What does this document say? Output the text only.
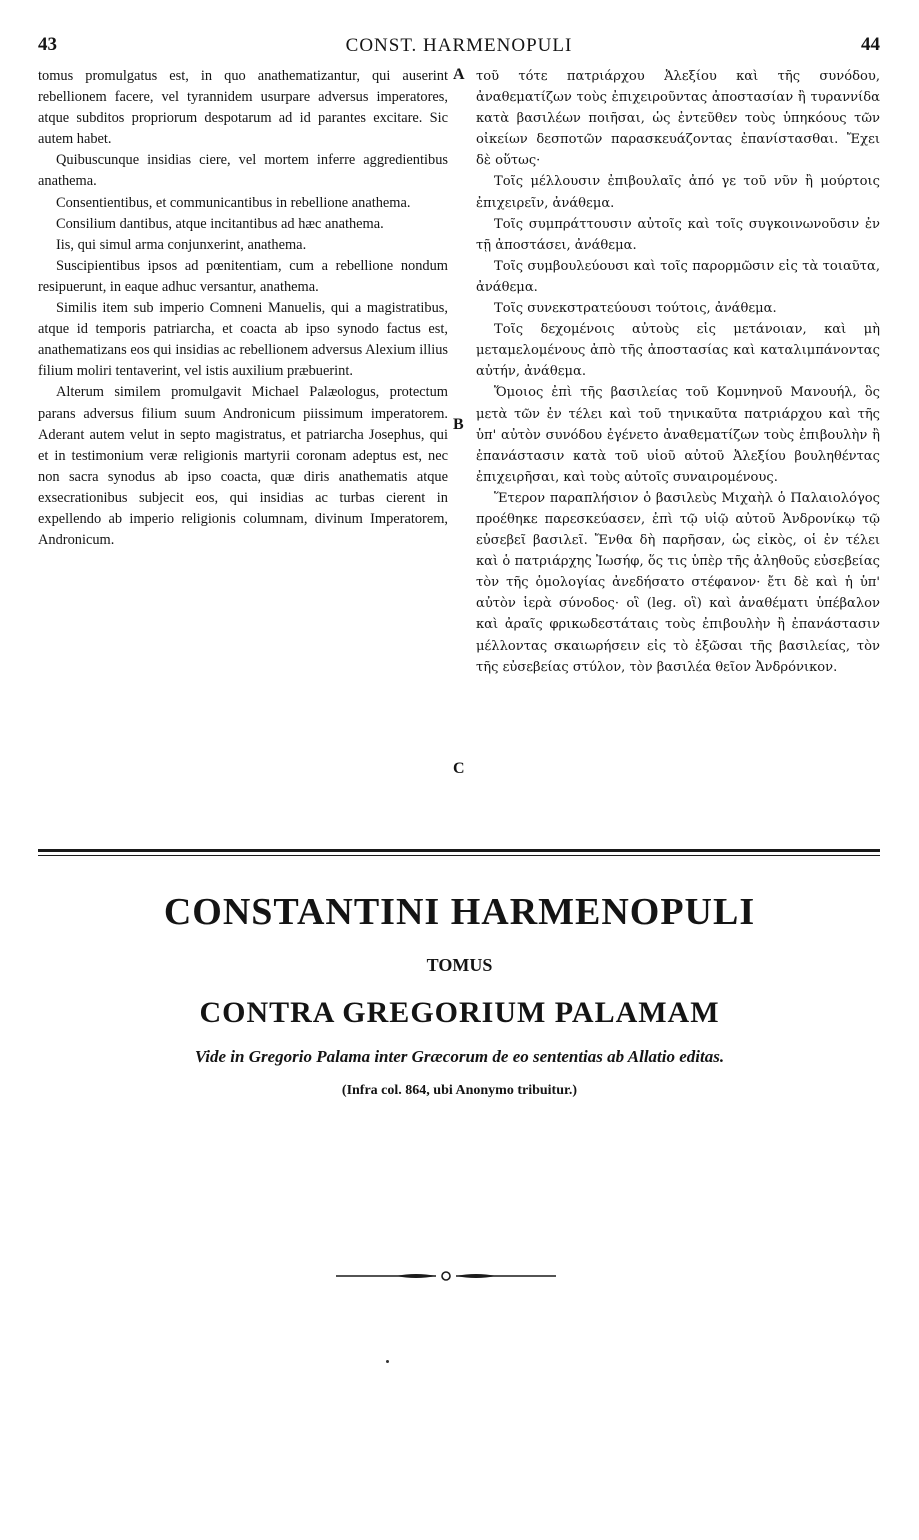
43	CONST. HARMENOPULI	44

tomus promulgatus est, in quo anathematizantur, qui auserint rebellionem facere, vel tyrannidem usurpare adversus imperatores, atque subditos propriorum despotarum ad id parantes excitare. Sic autem habet.

Quibuscunque insidias ciere, vel mortem inferre aggredientibus anathema.

Consentientibus, et communicantibus in rebellione anathema.

Consilium dantibus, atque incitantibus ad hæc anathema.

Iis, qui simul arma conjunxerint, anathema.

Suscipientibus ipsos ad pœnitentiam, cum a rebellione nondum resipuerunt, in eaque adhuc versantur, anathema.

Similis item sub imperio Comneni Manuelis, qui a magistratibus, atque id temporis patriarcha, et coacta ab ipso synodo factus est, anathematizans eos qui insidias ac rebellionem adversus Alexium illius filium moliri tentaverint, vel istis auxilium præbuerint.

Alterum similem promulgavit Michael Palæologus, protectum parans adversus filium suum Andronicum piissimum imperatorem. Aderant autem velut in septo magistratus, et patriarcha Josephus, qui et in testimonium veræ religionis martyrii coronam adeptus est, nec non sacra synodus ab ipso coacta, quæ diris anathematis atque exsecrationibus subjecit eos, qui insidias ac turbas cierent in expellendo ab imperio religionis columnam, divinum Imperatorem, Andronicum.

A
B
C

τοῦ τότε πατριάρχου Ἀλεξίου καὶ τῆς συνόδου, ἀναθεματίζων τοὺς ἐπιχειροῦντας ἀποστασίαν ἢ τυραννίδα κατὰ βασιλέων ποιῆσαι, ὡς ἐντεῦθεν τοὺς ὑπηκόους τῶν οἰκείων δεσποτῶν παρασκευάζοντας ἐπανίστασθαι. Ἔχει δὲ οὕτως·

Τοῖς μέλλουσιν ἐπιβουλαῖς ἀπό γε τοῦ νῦν ἢ μούρτοις ἐπιχειρεῖν, ἀνάθεμα.

Τοῖς συμπράττουσιν αὐτοῖς καὶ τοῖς συγκοινωνοῦσιν ἐν τῇ ἀποστάσει, ἀνάθεμα.

Τοῖς συμβουλεύουσι καὶ τοῖς παρορμῶσιν εἰς τὰ τοιαῦτα, ἀνάθεμα.

Τοῖς συνεκστρατεύουσι τούτοις, ἀνάθεμα.

Τοῖς δεχομένοις αὐτοὺς εἰς μετάνοιαν, καὶ μὴ μεταμελομένους ἀπὸ τῆς ἀποστασίας καὶ καταλιμπάνοντας αὐτήν, ἀνάθεμα.

Ὅμοιος ἐπὶ τῆς βασιλείας τοῦ Κομνηνοῦ Μανουήλ, ὃς μετὰ τῶν ἐν τέλει καὶ τοῦ τηνικαῦτα πατριάρχου καὶ τῆς ὑπ' αὐτὸν συνόδου ἐγένετο ἀναθεματίζων τοὺς ἐπιβουλὴν ἢ ἐπανάστασιν κατὰ τοῦ υἱοῦ αὐτοῦ Ἀλεξίου βουληθέντας ἐπιχειρῆσαι, καὶ τοὺς αὐτοῖς συναιρομένους.

Ἕτερον παραπλήσιον ὁ βασιλεὺς Μιχαὴλ ὁ Παλαιολόγος προέθηκε παρεσκεύασεν, ἐπὶ τῷ υἱῷ αὐτοῦ Ἀνδρονίκῳ τῷ εὐσεβεῖ βασιλεῖ. Ἔνθα δὴ παρῆσαν, ὡς εἰκὸς, οἱ ἐν τέλει καὶ ὁ πατριάρχης Ἰωσήφ, ὅς τις ὑπὲρ τῆς ἀληθοῦς εὐσεβείας τὸν τῆς ὁμολογίας ἀνεδήσατο στέφανον· ἔτι δὲ καὶ ἡ ὑπ' αὐτὸν ἱερὰ σύνοδος· οἳ (leg. οἳ) καὶ ἀναθέματι ὑπέβαλον καὶ ἀραῖς φρικωδεστάταις τοὺς ἐπιβουλὴν ἢ ἐπανάστασιν μέλλοντας σκαιωρήσειν εἰς τὸ ἐξῶσαι τῆς βασιλείας, τὸν τῆς εὐσεβείας στύλον, τὸν βασιλέα θεῖον Ἀνδρόνικον.

CONSTANTINI HARMENOPULI
TOMUS
CONTRA GREGORIUM PALAMAM
Vide in Gregorio Palama inter Græcorum de eo sententias ab Allatio editas.
(Infra col. 864, ubi Anonymo tribuitur.)
